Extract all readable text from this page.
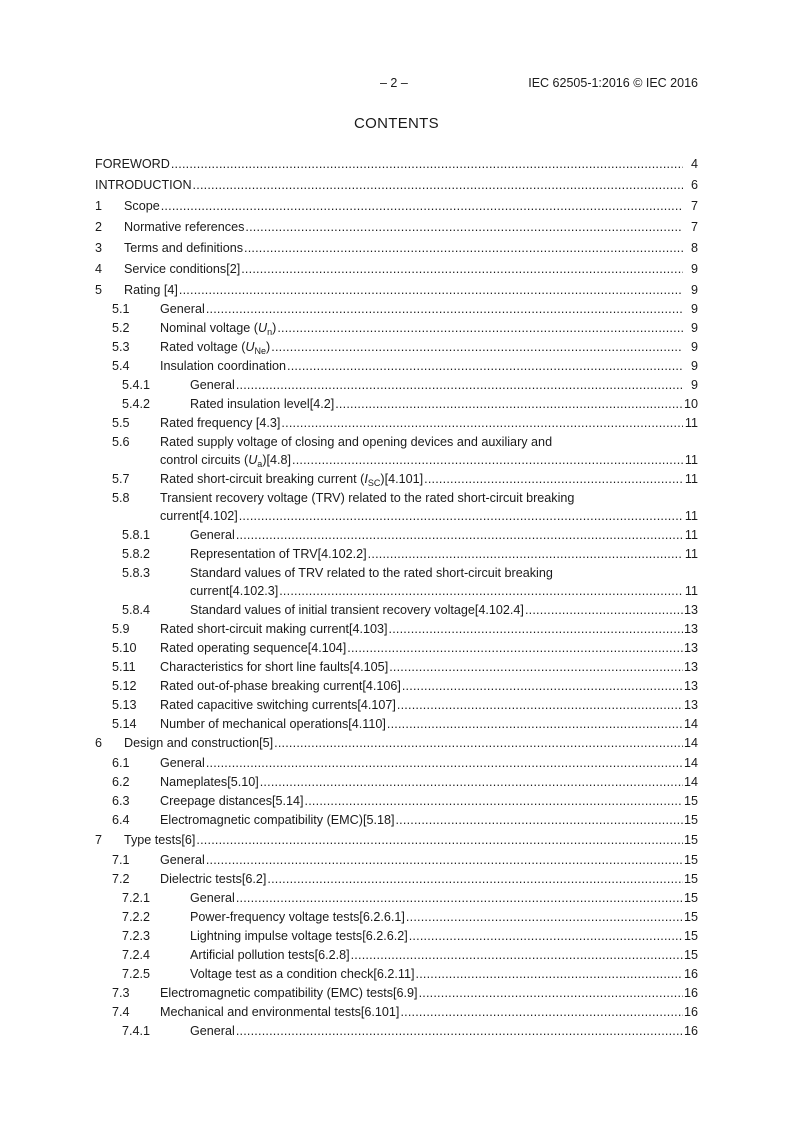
– 2 –	IEC 62505-1:2016 © IEC 2016
CONTENTS
FOREWORD .....	4
INTRODUCTION .....	6
1 Scope .....	7
2 Normative references .....	7
3 Terms and definitions .....	8
4 Service conditions[2] .....	9
5 Rating [4] .....	9
5.1 General .....	9
5.2 Nominal voltage $(U_n)$ .....	9
5.3 Rated voltage $(U_{Ne})$ .....	9
5.4 Insulation coordination .....	9
5.4.1	General .....	9
5.4.2	Rated insulation level[4.2] .....	10
5.5 Rated frequency [4.3] .....	11
5.6 Rated supply voltage of closing and opening devices and auxiliary and
control circuits $(U_a)[4.8]$ .....	11
5.7 Rated short-circuit breaking current $(I_{SC})[4.101]$ .....	11
5.8 Transient recovery voltage (TRV) related to the rated short-circuit breaking
current[4.102] .....	11
5.8.1	General .....	11
5.8.2	Representation of TRV[4.102.2] .....	11
5.8.3	Standard values of TRV related to the rated short-circuit breaking
current[4.102.3] .....	11
5.8.4	Standard values of initial transient recovery voltage[4.102.4] .....	13
5.9 Rated short-circuit making current[4.103] .....	13
5.10 Rated operating sequence[4.104] .....	13
5.11 Characteristics for short line faults[4.105] .....	13
5.12 Rated out-of-phase breaking current[4.106] .....	13
5.13 Rated capacitive switching currents[4.107] .....	13
5.14 Number of mechanical operations[4.110] .....	14
6 Design and construction[5] .....	14
6.1 General .....	14
6.2 Nameplates[5.10] .....	14
6.3 Creepage distances[5.14] .....	15
6.4 Electromagnetic compatibility (EMC)[5.18] .....	15
7 Type tests[6] .....	15
7.1 General .....	15
7.2 Dielectric tests[6.2] .....	15
7.2.1	General .....	15
7.2.2	Power-frequency voltage tests[6.2.6.1] .....	15
7.2.3	Lightning impulse voltage tests[6.2.6.2] .....	15
7.2.4	Artificial pollution tests[6.2.8] .....	15
7.2.5	Voltage test as a condition check[6.2.11] .....	16
7.3 Electromagnetic compatibility (EMC) tests[6.9] .....	16
7.4 Mechanical and environmental tests[6.101] .....	16
7.4.1	General .....	16
